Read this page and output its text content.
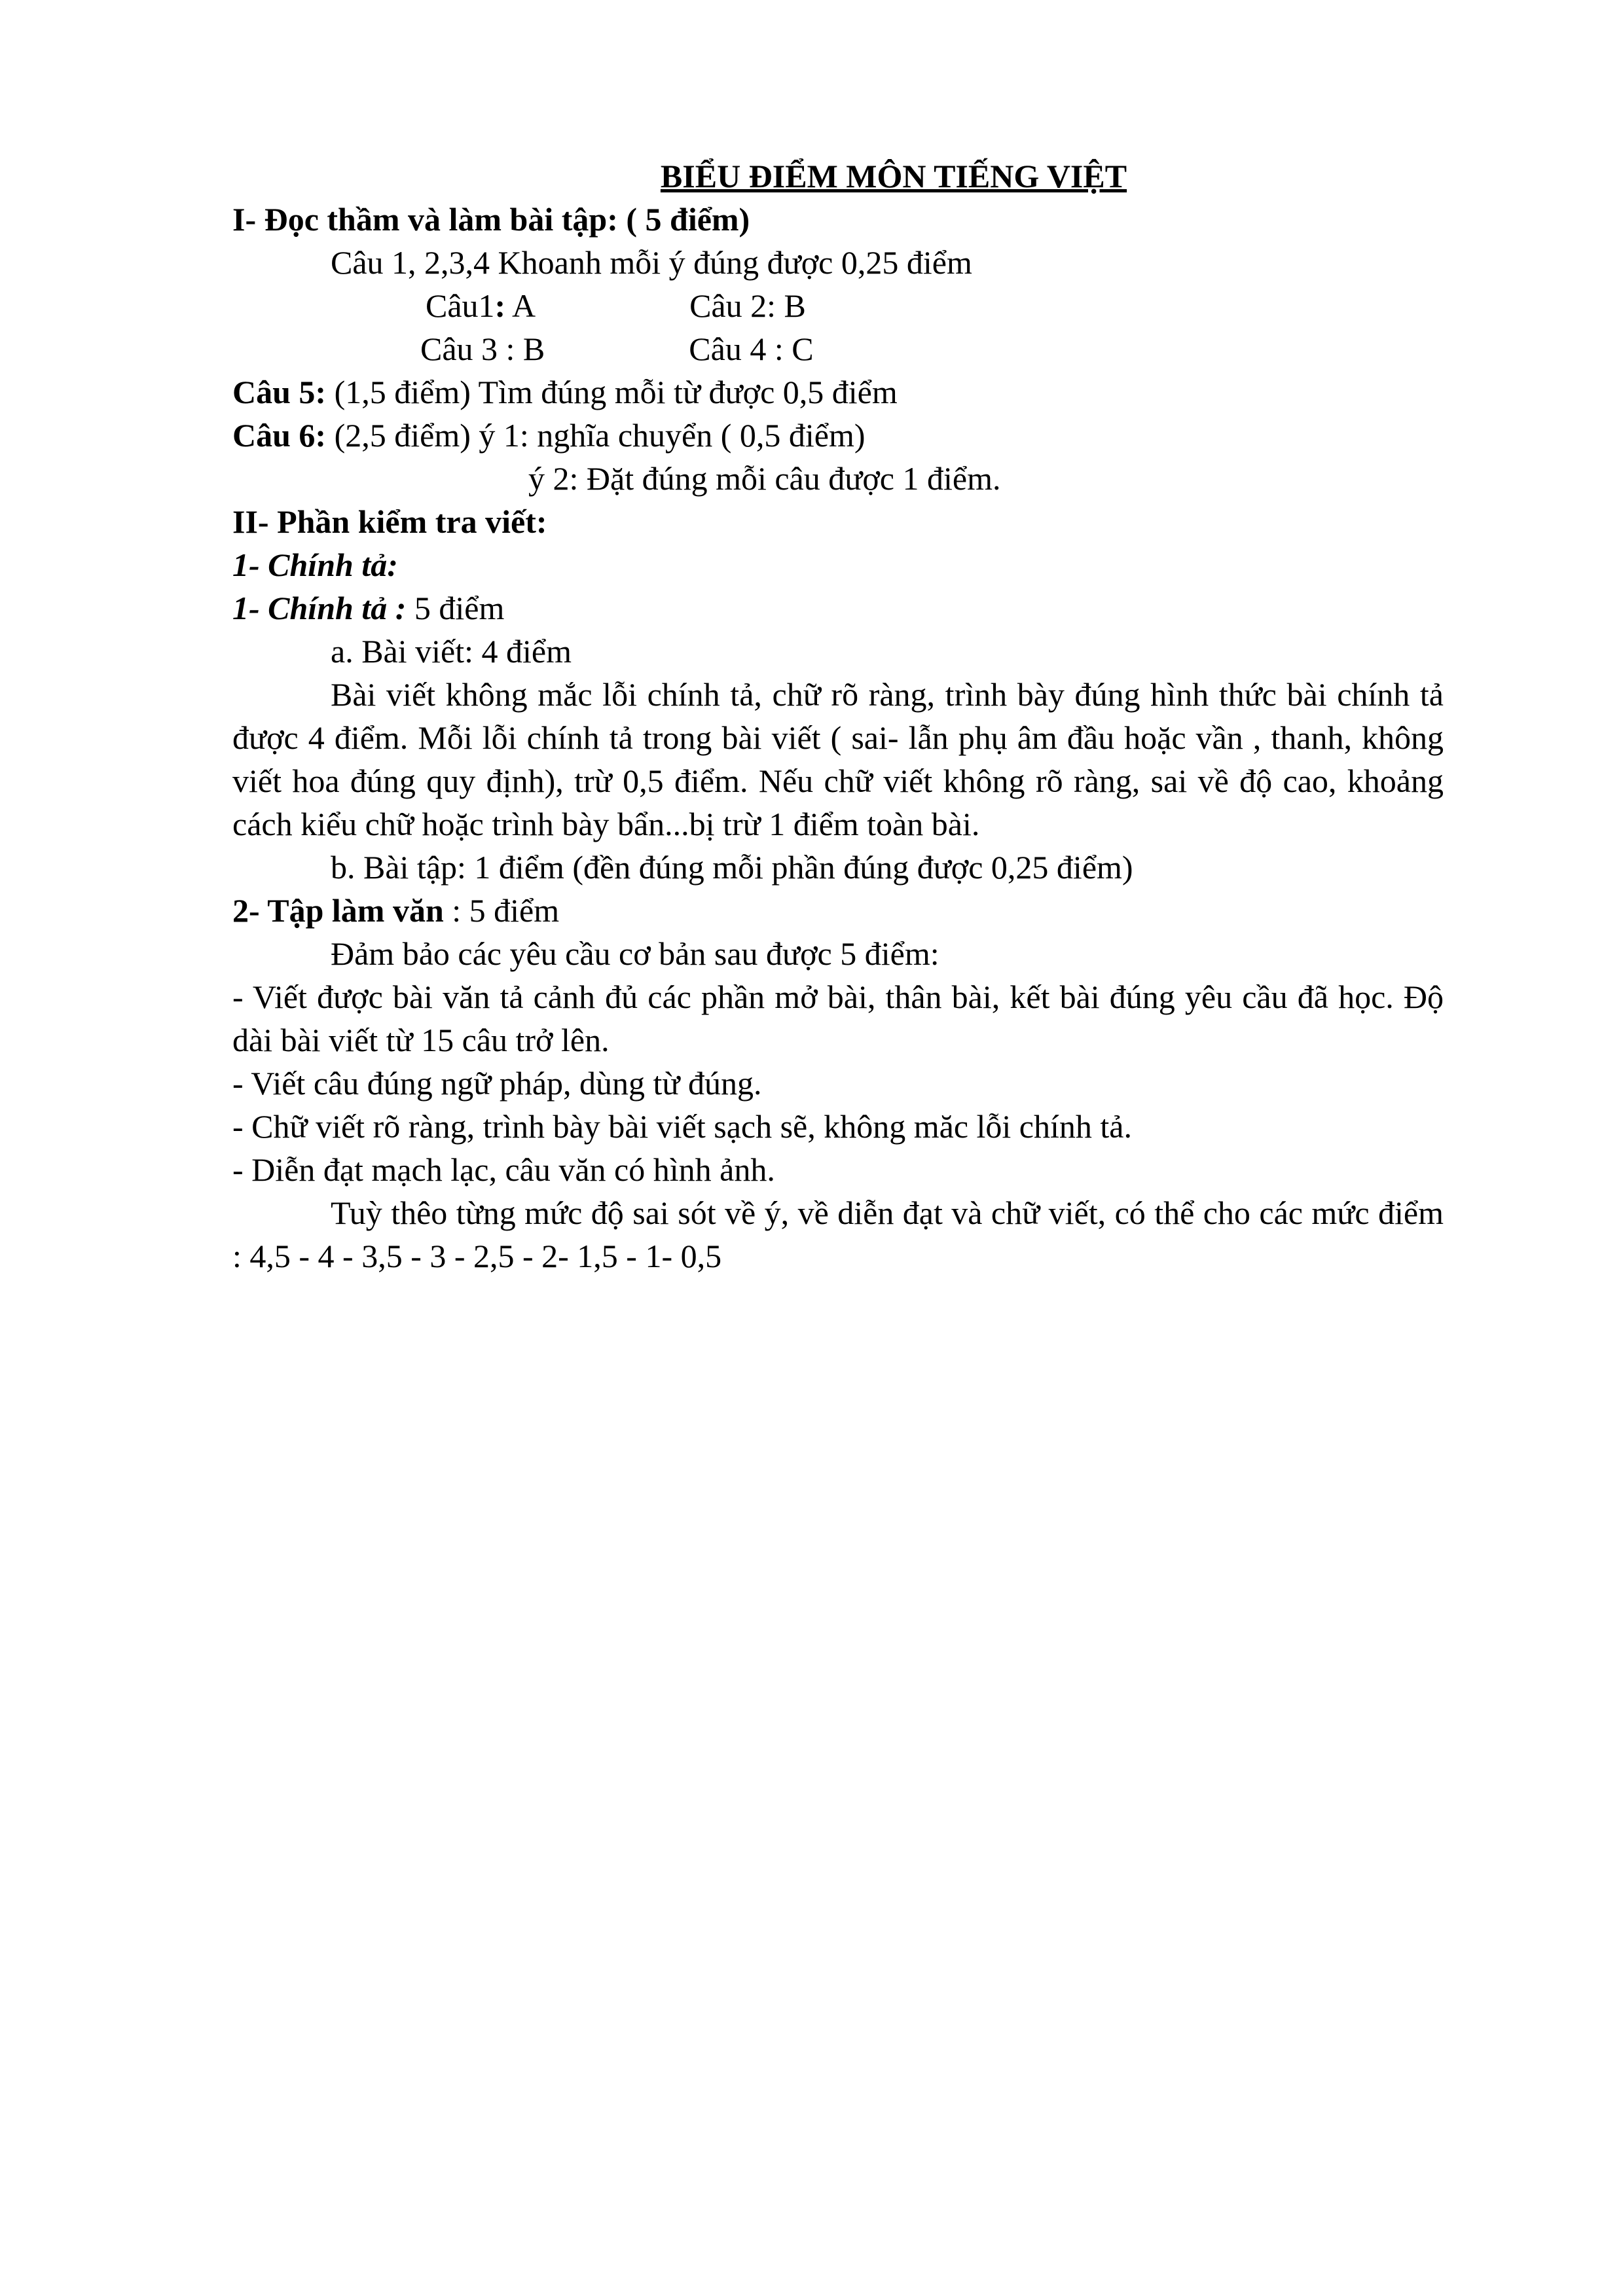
BIỂU ĐIỂM MÔN TIẾNG VIỆT
I- Đọc thầm và làm bài tập: ( 5 điểm)
Câu 1, 2,3,4 Khoanh mỗi ý đúng được 0,25 điểm
Câu1: A	Câu 2: B
Câu 3 : B	Câu 4 : C
Câu 5: (1,5 điểm) Tìm đúng mỗi từ được 0,5 điểm
Câu 6: (2,5 điểm) ý 1: nghĩa chuyển ( 0,5 điểm)
ý 2: Đặt đúng mỗi câu được 1 điểm.
II- Phần kiểm tra viết:
1- Chính tả:
1- Chính tả : 5 điểm
a. Bài viết: 4 điểm
Bài viết không mắc lỗi chính tả, chữ rõ ràng, trình bày đúng hình thức bài chính tả được 4 điểm. Mỗi lỗi chính tả trong bài viết ( sai- lẫn phụ âm đầu hoặc vần , thanh, không viết hoa đúng quy định), trừ 0,5 điểm. Nếu chữ viết không rõ ràng, sai về độ cao, khoảng cách kiểu chữ hoặc trình bày bẩn...bị trừ 1 điểm toàn bài.
b. Bài tập: 1 điểm (đền đúng mỗi phần đúng được 0,25 điểm)
2- Tập làm văn : 5 điểm
Đảm bảo các yêu cầu cơ bản sau được 5 điểm:
- Viết được bài văn tả cảnh đủ các phần mở bài, thân bài, kết bài đúng yêu cầu đã học. Độ dài bài viết từ 15 câu trở lên.
- Viết câu đúng ngữ pháp, dùng từ đúng.
- Chữ viết rõ ràng, trình bày bài viết sạch sẽ, không măc lỗi chính tả.
- Diễn đạt mạch lạc, câu văn có hình ảnh.
Tuỳ thêo từng mức độ sai sót về ý, về diễn đạt và chữ viết, có thể cho các mức điểm : 4,5 - 4 - 3,5 - 3 - 2,5 - 2- 1,5 - 1- 0,5
